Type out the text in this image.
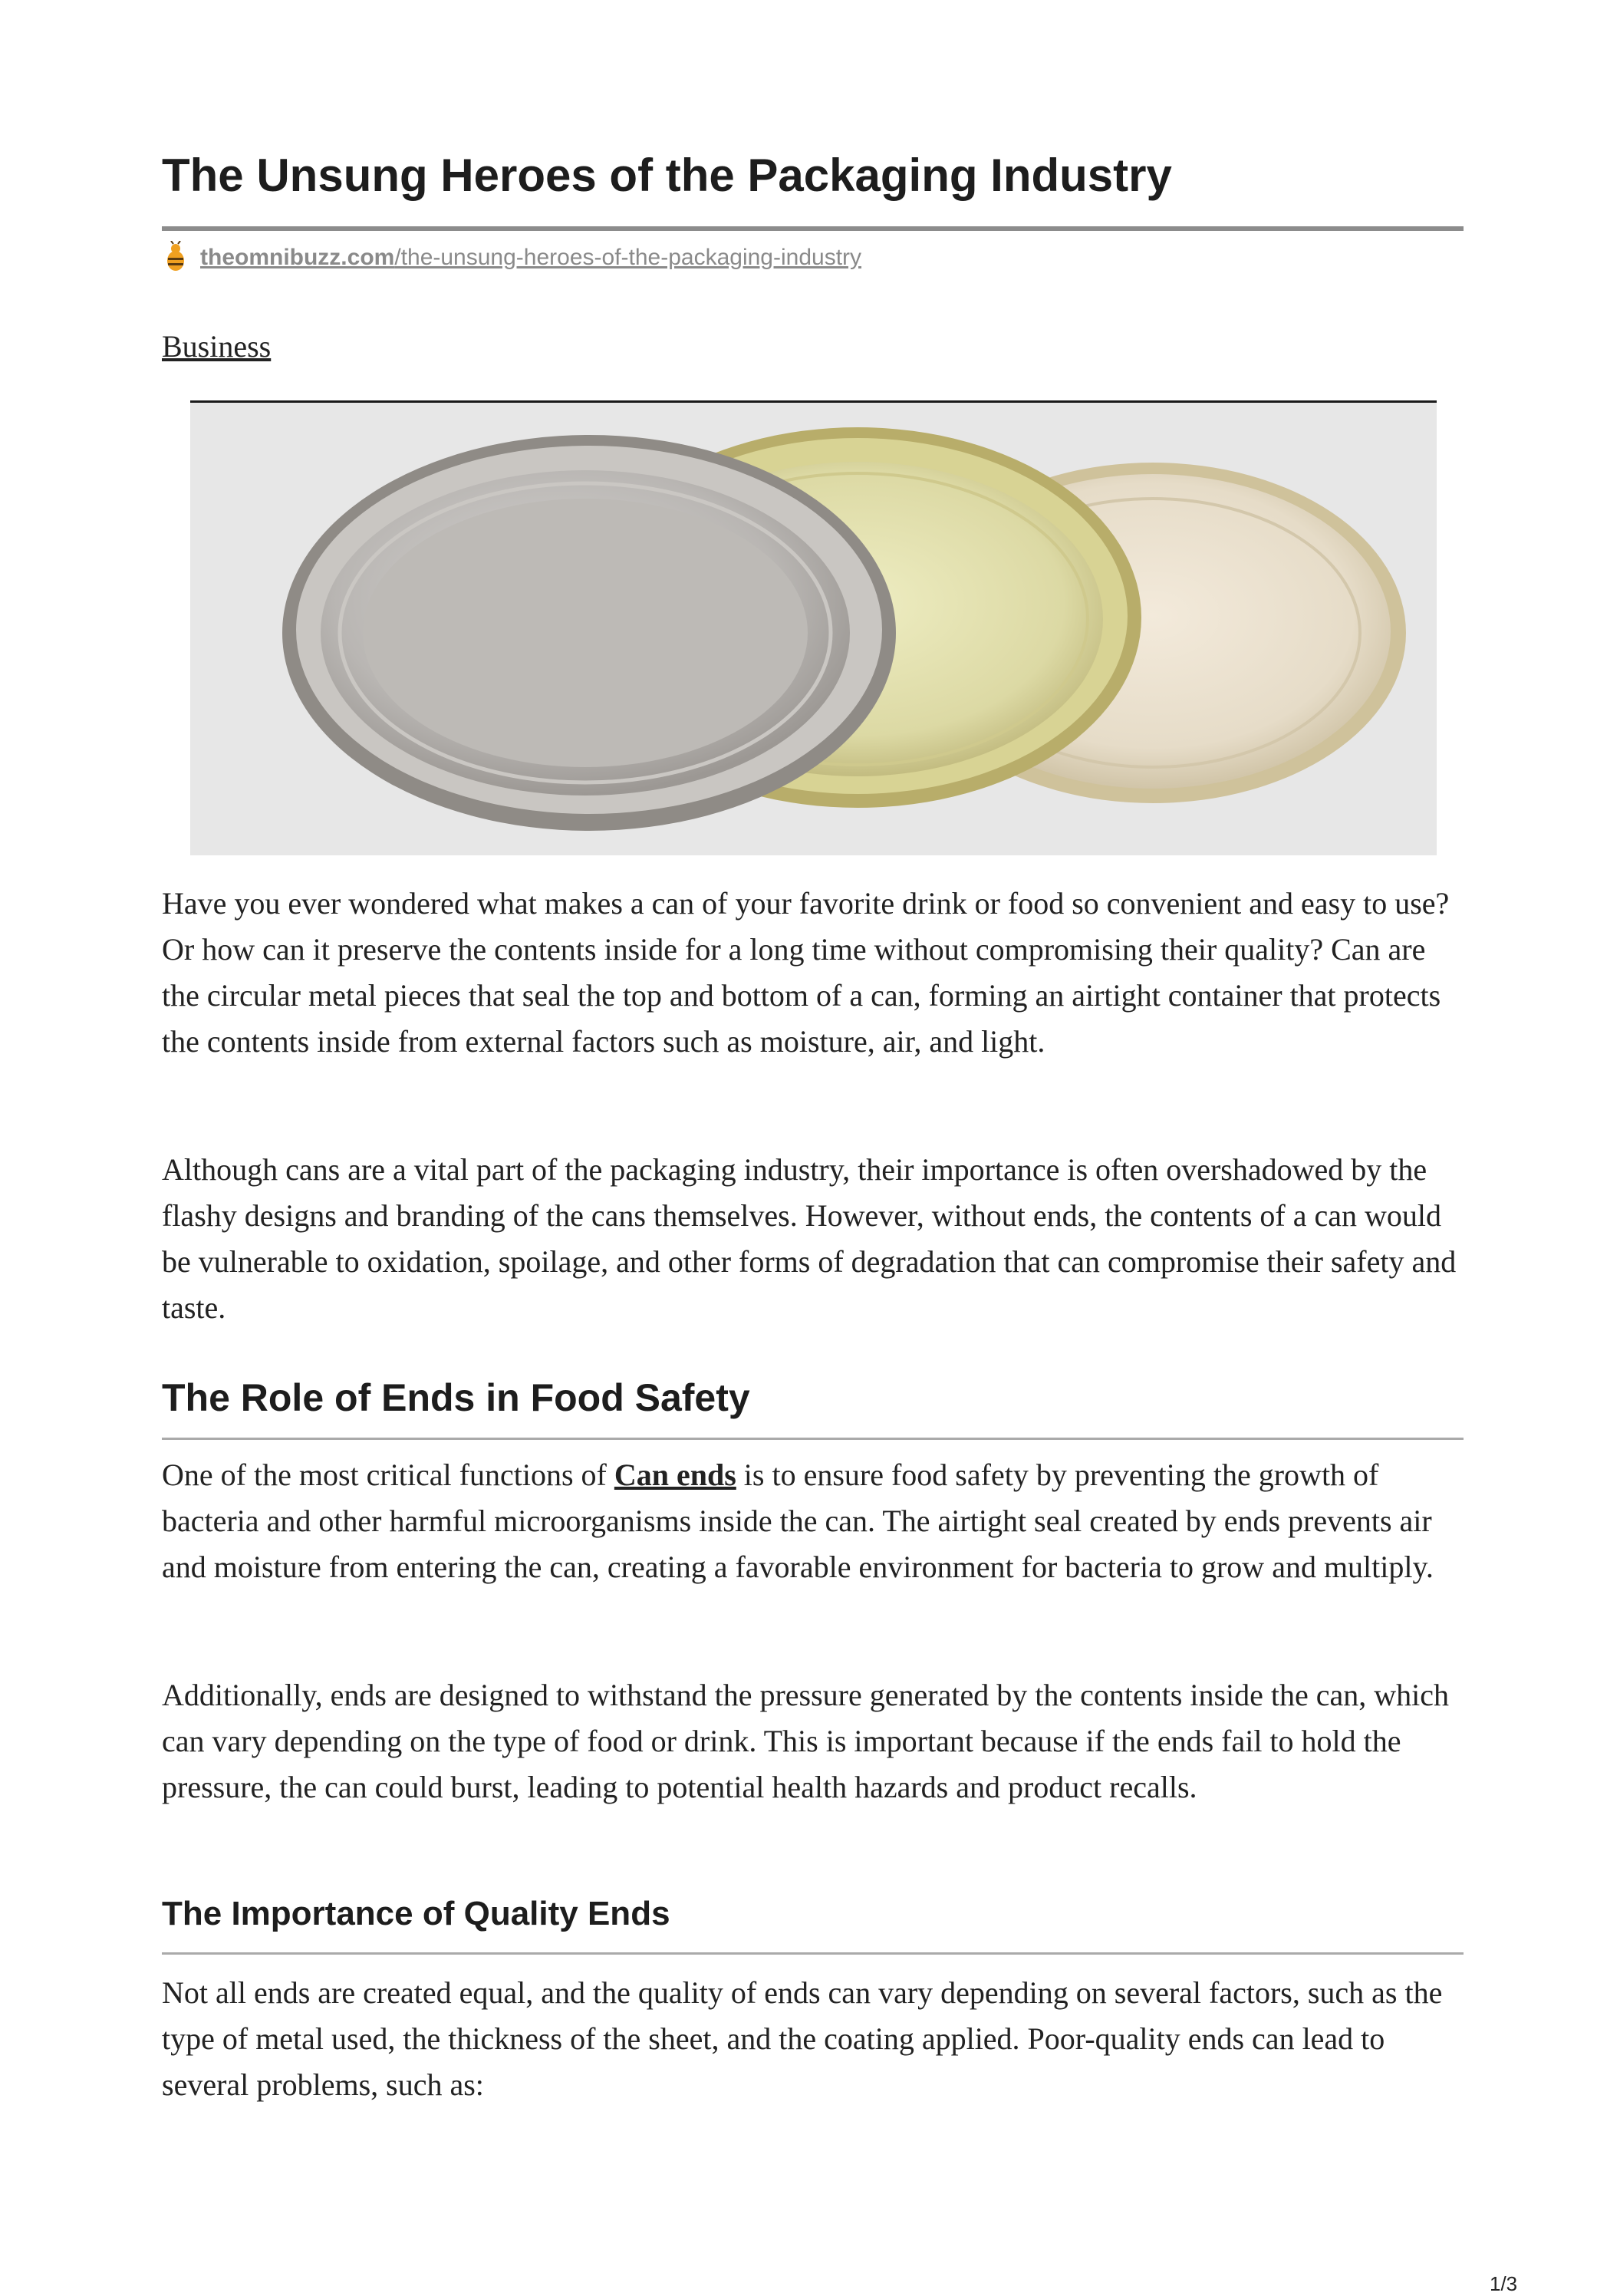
The Unsung Heroes of the Packaging Industry
theomnibuzz.com/the-unsung-heroes-of-the-packaging-industry
Business

Have you ever wondered what makes a can of your favorite drink or food so convenient and easy to use? Or how can it preserve the contents inside for a long time without compromising their quality? Can are the circular metal pieces that seal the top and bottom of a can, forming an airtight container that protects the contents inside from external factors such as moisture, air, and light.

Although cans are a vital part of the packaging industry, their importance is often overshadowed by the flashy designs and branding of the cans themselves. However, without ends, the contents of a can would be vulnerable to oxidation, spoilage, and other forms of degradation that can compromise their safety and taste.

The Role of Ends in Food Safety

One of the most critical functions of Can ends is to ensure food safety by preventing the growth of bacteria and other harmful microorganisms inside the can. The airtight seal created by ends prevents air and moisture from entering the can, creating a favorable environment for bacteria to grow and multiply.

Additionally, ends are designed to withstand the pressure generated by the contents inside the can, which can vary depending on the type of food or drink. This is important because if the ends fail to hold the pressure, the can could burst, leading to potential health hazards and product recalls.

The Importance of Quality Ends

Not all ends are created equal, and the quality of ends can vary depending on several factors, such as the type of metal used, the thickness of the sheet, and the coating applied. Poor-quality ends can lead to several problems, such as:

1/3
